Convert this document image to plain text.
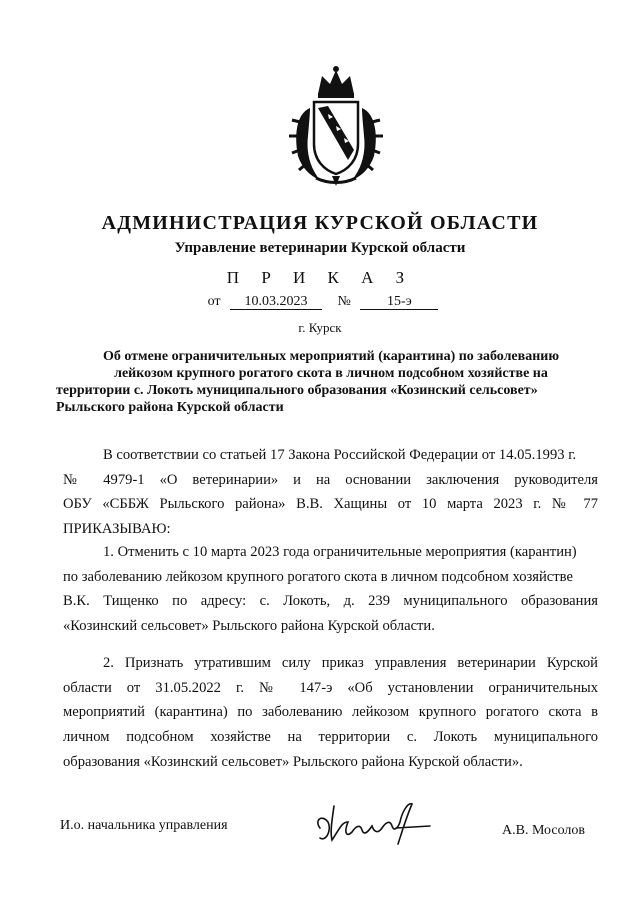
АДМИНИСТРАЦИЯ КУРСКОЙ ОБЛАСТИ
Управление ветеринарии Курской области
П Р И К А З
от 10.03.2023 №	15-э
г. Курск
Об отмене ограничительных мероприятий (карантина) по заболеванию
лейкозом крупного рогатого скота в личном подсобном хозяйстве на
территории с. Локоть муниципального образования «Козинский сельсовет»
Рыльского района Курской области
В соответствии со статьей 17 Закона Российской Федерации от 14.05.1993 г.
№ 4979-1 «О ветеринарии» и на основании заключения руководителя
ОБУ «СББЖ Рыльского района» В.В. Хащины от 10 марта 2023 г. № 77
ПРИКАЗЫВАЮ:
1. Отменить с 10 марта 2023 года ограничительные мероприятия (карантин)
по заболеванию лейкозом крупного рогатого скота в личном подсобном хозяйстве
В.К. Тищенко по адресу: с. Локоть, д. 239 муниципального образования
«Козинский сельсовет» Рыльского района Курской области.
2. Признать утратившим силу приказ управления ветеринарии Курской
области от 31.05.2022 г. № 147-э «Об установлении ограничительных
мероприятий (карантина) по заболеванию лейкозом крупного рогатого скота в
личном подсобном хозяйстве на территории с. Локоть муниципального
образования «Козинский сельсовет» Рыльского района Курской области».
И.о. начальника управления	А.В. Мосолов
